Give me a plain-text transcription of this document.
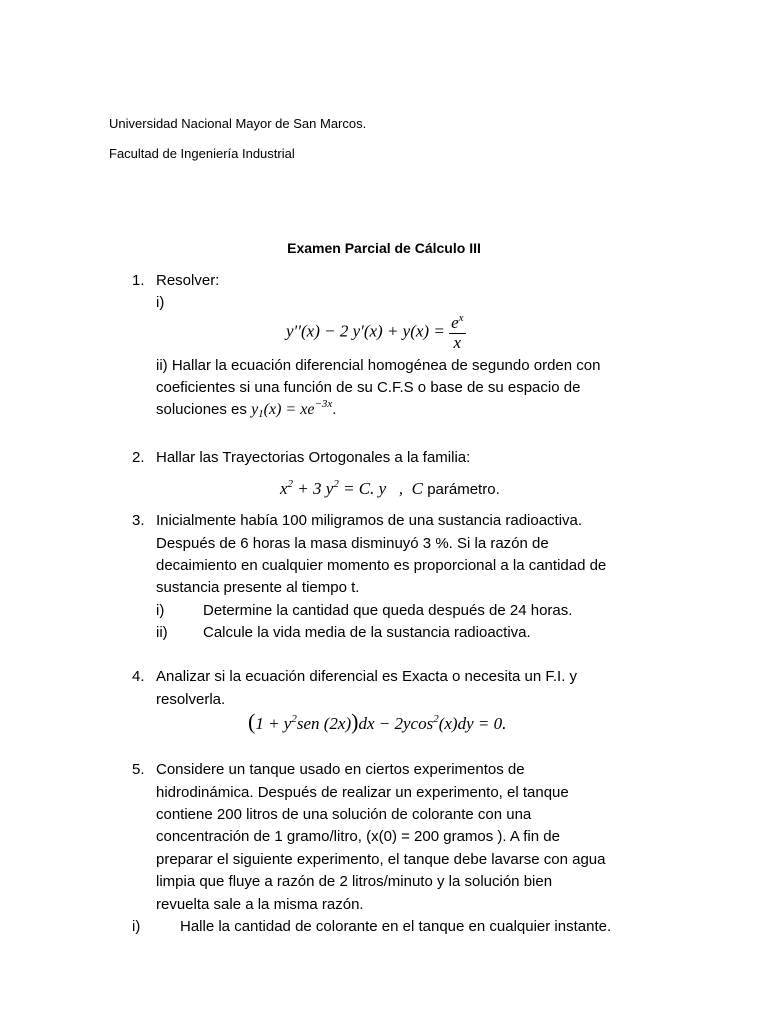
Universidad Nacional Mayor de San Marcos.
Facultad de Ingeniería Industrial
Examen Parcial de Cálculo III
1. Resolver:
i)
y′′(x) − 2 $y'(x) + y(x) = \frac{e^x}{x}$
ii) Hallar la ecuación diferencial homogénea de segundo orden con
coeficientes si una función de su C.F.S o base de su espacio de
soluciones es $y_1(x) = xe^{-3x}$.
2. Hallar las Trayectorias Ortogonales a la familia:
$x^2 + 3$ $y^2 = C$. y   ,  C parámetro.
3. Inicialmente había 100 miligramos de una sustancia radioactiva.
Después de 6 horas la masa disminuyó 3 %. Si la razón de
decaimiento en cualquier momento es proporcional a la cantidad de
sustancia presente al tiempo t.
i)	Determine la cantidad que queda después de 24 horas.
ii) Calcule la vida media de la sustancia radioactiva.
4. Analizar si la ecuación diferencial es Exacta o necesita un F.I. y
resolverla.
($1 + y^2sen$ (2x))dx − 2ycos$^2$(x)dy = 0.
5. Considere un tanque usado en ciertos experimentos de
hidrodinámica. Después de realizar un experimento, el tanque
contiene 200 litros de una solución de colorante con una
concentración de 1 gramo/litro, (x(0) = 200 gramos ). A fin de
preparar el siguiente experimento, el tanque debe lavarse con agua
limpia que fluye a razón de 2 litros/minuto y la solución bien
revuelta sale a la misma razón.
i)	Halle la cantidad de colorante en el tanque en cualquier instante.
